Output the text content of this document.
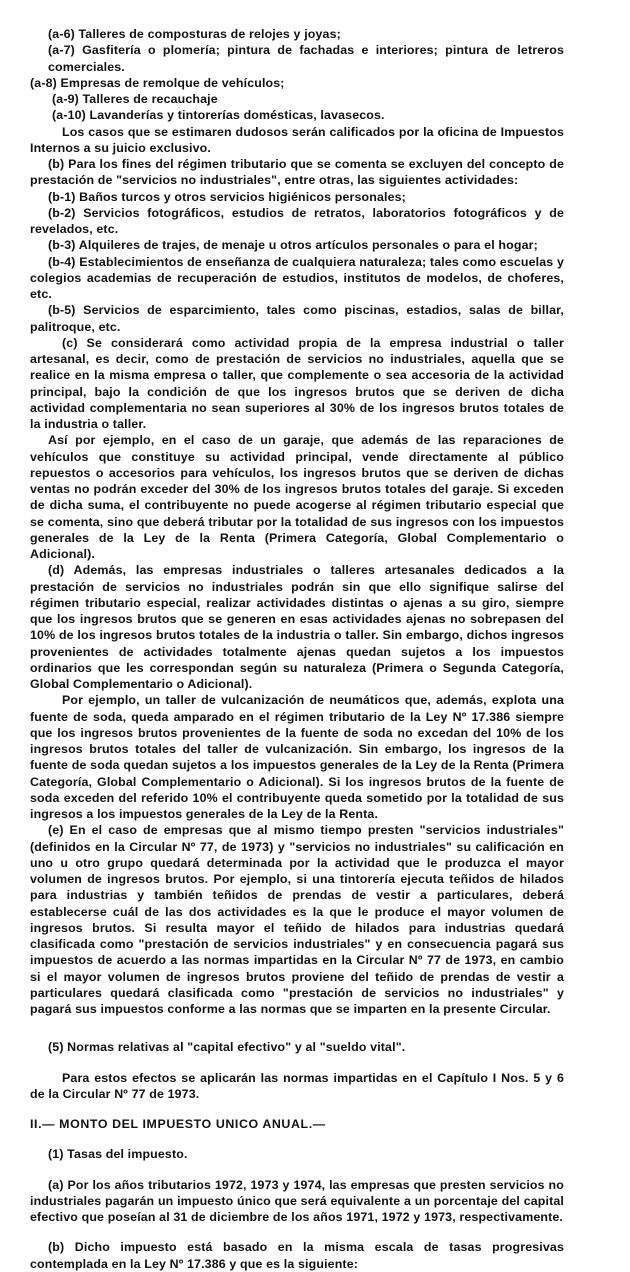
(a-6) Talleres de composturas de relojes y joyas;

(a-7) Gasfitería o plomería; pintura de fachadas e interiores; pintura de letreros comerciales.

(a-8) Empresas de remolque de vehículos;

(a-9) Talleres de recauchaje

(a-10) Lavanderías y tintorerías domésticas, lavasecos.

Los casos que se estimaren dudosos serán calificados por la oficina de Impuestos Internos a su juicio exclusivo.

(b) Para los fines del régimen tributario que se comenta se excluyen del concepto de prestación de "servicios no industriales", entre otras, las siguientes actividades:

(b-1) Baños turcos y otros servicios higiénicos personales;

(b-2) Servicios fotográficos, estudios de retratos, laboratorios fotográficos y de revelados, etc.

(b-3) Alquileres de trajes, de menaje u otros artículos personales o para el hogar;

(b-4) Establecimientos de enseñanza de cualquiera naturaleza; tales como escuelas y colegios academias de recuperación de estudios, institutos de modelos, de choferes, etc.

(b-5) Servicios de esparcimiento, tales como piscinas, estadios, salas de billar, palitroque, etc.

(c) Se considerará como actividad propia de la empresa industrial o taller artesanal, es decir, como de prestación de servicios no industriales, aquella que se realice en la misma empresa o taller, que complemente o sea accesoria de la actividad principal, bajo la condición de que los ingresos brutos que se deriven de dicha actividad complementaria no sean superiores al 30% de los ingresos brutos totales de la industria o taller.

Así por ejemplo, en el caso de un garaje, que además de las reparaciones de vehículos que constituye su actividad principal, vende directamente al público repuestos o accesorios para vehículos, los ingresos brutos que se deriven de dichas ventas no podrán exceder del 30% de los ingresos brutos totales del garaje. Si exceden de dicha suma, el contribuyente no puede acogerse al régimen tributario especial que se comenta, sino que deberá tributar por la totalidad de sus ingresos con los impuestos generales de la Ley de la Renta (Primera Categoría, Global Complementario o Adicional).

(d) Además, las empresas industriales o talleres artesanales dedicados a la prestación de servicios no industriales podrán sin que ello signifique salirse del régimen tributario especial, realizar actividades distintas o ajenas a su giro, siempre que los ingresos brutos que se generen en esas actividades ajenas no sobrepasen del 10% de los ingresos brutos totales de la industria o taller. Sin embargo, dichos ingresos provenientes de actividades totalmente ajenas quedan sujetos a los impuestos ordinarios que les correspondan según su naturaleza (Primera o Segunda Categoría, Global Complementario o Adicional).

Por ejemplo, un taller de vulcanización de neumáticos que, además, explota una fuente de soda, queda amparado en el régimen tributario de la Ley Nº 17.386 siempre que los ingresos brutos provenientes de la fuente de soda no excedan del 10% de los ingresos brutos totales del taller de vulcanización. Sin embargo, los ingresos de la fuente de soda quedan sujetos a los impuestos generales de la Ley de la Renta (Primera Categoría, Global Complementario o Adicional). Si los ingresos brutos de la fuente de soda exceden del referido 10% el contribuyente queda sometido por la totalidad de sus ingresos a los impuestos generales de la Ley de la Renta.

(e) En el caso de empresas que al mismo tiempo presten "servicios industriales" (definidos en la Circular Nº 77, de 1973) y "servicios no industriales" su calificación en uno u otro grupo quedará determinada por la actividad que le produzca el mayor volumen de ingresos brutos. Por ejemplo, si una tintorería ejecuta teñidos de hilados para industrias y también teñidos de prendas de vestir a particulares, deberá establecerse cuál de las dos actividades es la que le produce el mayor volumen de ingresos brutos. Si resulta mayor el teñido de hilados para industrias quedará clasificada como "prestación de servicios industriales" y en consecuencia pagará sus impuestos de acuerdo a las normas impartidas en la Circular Nº 77 de 1973, en cambio si el mayor volumen de ingresos brutos proviene del teñido de prendas de vestir a particulares quedará clasificada como "prestación de servicios no industriales" y pagará sus impuestos conforme a las normas que se imparten en la presente Circular.

(5) Normas relativas al "capital efectivo" y al "sueldo vital".

Para estos efectos se aplicarán las normas impartidas en el Capítulo I Nos. 5 y 6 de la Circular Nº 77 de 1973.

II.— MONTO DEL IMPUESTO UNICO ANUAL.—

(1) Tasas del impuesto.

(a) Por los años tributarios 1972, 1973 y 1974, las empresas que presten servicios no industriales pagarán un impuesto único que será equivalente a un porcentaje del capital efectivo que poseían al 31 de diciembre de los años 1971, 1972 y 1973, respectivamente.

(b) Dicho impuesto está basado en la misma escala de tasas progresivas contemplada en la Ley Nº 17.386 y que es la siguiente:
